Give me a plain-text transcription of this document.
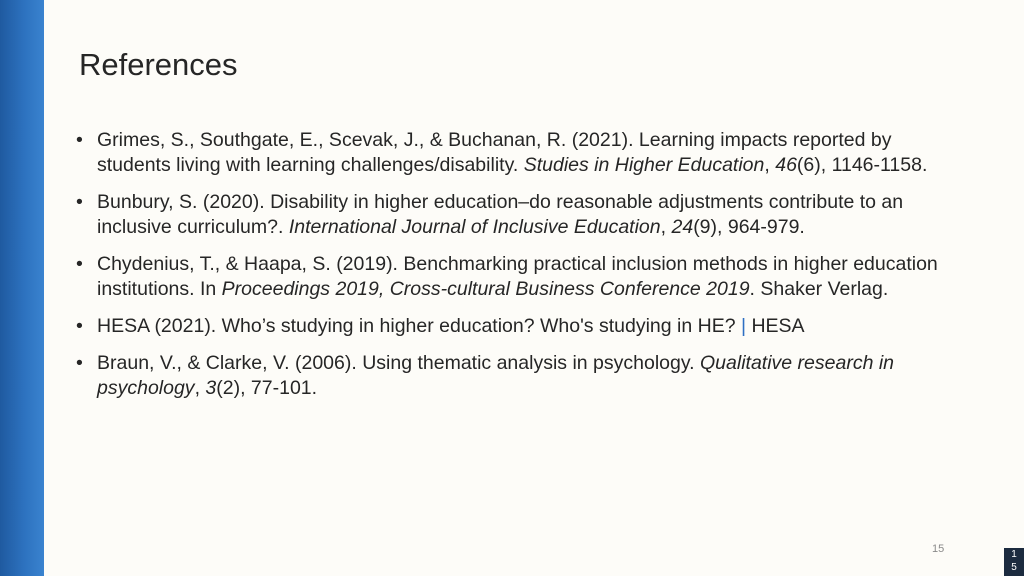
References
• Grimes, S., Southgate, E., Scevak, J., & Buchanan, R. (2021). Learning impacts reported by students living with learning challenges/disability. Studies in Higher Education, 46(6), 1146-1158.
• Bunbury, S. (2020). Disability in higher education–do reasonable adjustments contribute to an inclusive curriculum?. International Journal of Inclusive Education, 24(9), 964-979.
• Chydenius, T., & Haapa, S. (2019). Benchmarking practical inclusion methods in higher education institutions. In Proceedings 2019, Cross-cultural Business Conference 2019. Shaker Verlag.
• HESA (2021). Who’s studying in higher education? Who's studying in HE? | HESA
• Braun, V., & Clarke, V. (2006). Using thematic analysis in psychology. Qualitative research in psychology, 3(2), 77-101.
15	1
5
